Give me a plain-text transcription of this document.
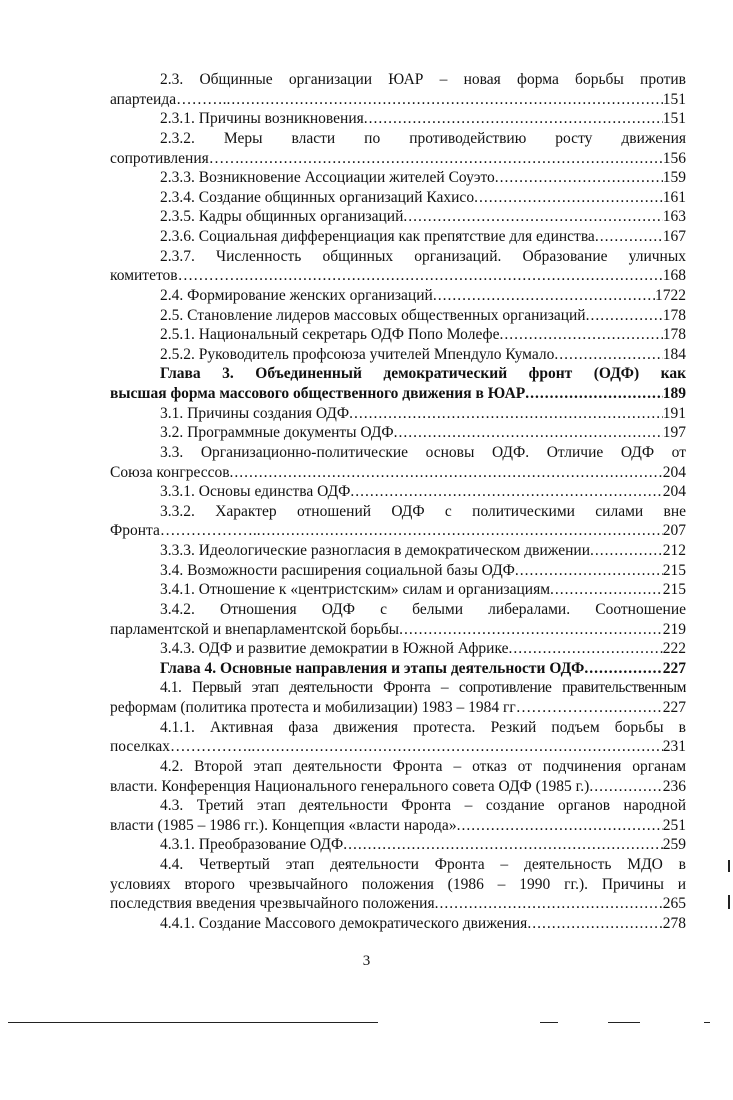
2.3. Общинные организации ЮАР – новая форма борьбы против
апартеида………. .....	151
2.3.1. Причины возникновения .....	151
2.3.2. Меры власти по противодействию росту движения
сопротивления…… .....	156
2.3.3. Возникновение Ассоциации жителей Соуэто .....	159
2.3.4. Создание общинных организаций Кахисо .....	161
2.3.5. Кадры общинных организаций .....	163
2.3.6. Социальная дифференциация как препятствие для единства .....	167
2.3.7. Численность общинных организаций. Образование уличных
комитетов………… .....	168
2.4. Формирование женских организаций .....	1722
2.5. Становление лидеров массовых общественных организаций .....	178
2.5.1. Национальный секретарь ОДФ Попо Молефе .....	178
2.5.2. Руководитель профсоюза учителей Мпендуло Кумало .....	184
Глава 3. Объединенный демократический фронт (ОДФ) как
высшая форма массового общественного движения в ЮАР .....	189
3.1. Причины создания ОДФ .....	191
3.2. Программные документы ОДФ .....	197
3.3. Организационно-политические основы ОДФ. Отличие ОДФ от
Союза конгрессов .....	204
3.3.1. Основы единства ОДФ .....	204
3.3.2. Характер отношений ОДФ с политическими силами вне
Фронта………………. .....	207
3.3.3. Идеологические разногласия в демократическом движении .....	212
3.4. Возможности расширения социальной базы ОДФ .....	215
3.4.1. Отношение к «центристским» силам и организациям .....	215
3.4.2. Отношения ОДФ с белыми либералами. Соотношение
парламентской и внепарламентской борьбы .....	219
3.4.3. ОДФ и развитие демократии в Южной Африке .....	222
Глава 4. Основные направления и этапы деятельности ОДФ .....	227
4.1. Первый этап деятельности Фронта – сопротивление правительственным
реформам (политика протеста и мобилизации) 1983 – 1984 гг……………… .....	227
4.1.1. Активная фаза движения протеста. Резкий подъем борьбы в
поселках……………. .....	231
4.2. Второй этап деятельности Фронта – отказ от подчинения органам
власти. Конференция Национального генерального совета ОДФ (1985 г.) .....	236
4.3. Третий этап деятельности Фронта – создание органов народной
власти (1985 – 1986 гг.). Концепция «власти народа» .....	251
4.3.1. Преобразование ОДФ .....	259
4.4. Четвертый этап деятельности Фронта – деятельность МДО в
условиях второго чрезвычайного положения (1986 – 1990 гг.). Причины и
последствия введения чрезвычайного положения .....	265
4.4.1. Создание Массового демократического движения .....	278
3
